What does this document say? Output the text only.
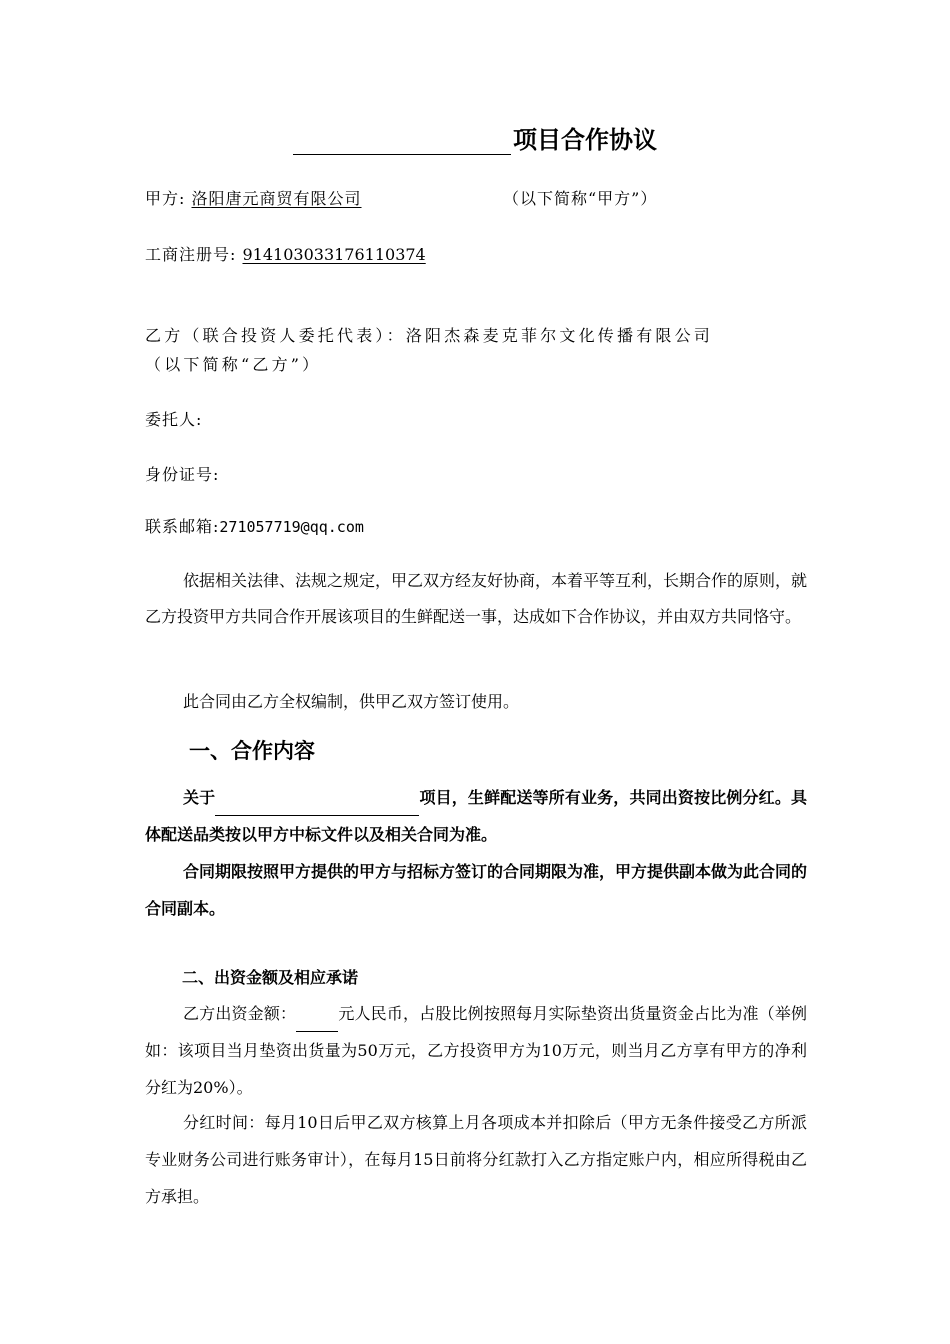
项目合作协议
甲方: 洛阳唐元商贸有限公司	（以下简称“甲方”）
工商注册号: 914103033176110374
乙方（联合投资人委托代表）：洛阳杰森麦克菲尔文化传播有限公司
（以下简称“乙方”）
委托人:
身份证号:
联系邮箱:271057719@qq.com
依据相关法律、法规之规定，甲乙双方经友好协商，本着平等互利，长期合作的原则，就乙方投资甲方共同合作开展该项目的生鲜配送一事，达成如下合作协议，并由双方共同恪守。
此合同由乙方全权编制，供甲乙双方签订使用。
一、合作内容
关于	项目，生鲜配送等所有业务，共同出资按比例分红。具体配送品类按以甲方中标文件以及相关合同为准。
合同期限按照甲方提供的甲方与招标方签订的合同期限为准，甲方提供副本做为此合同的合同副本。
二、出资金额及相应承诺
乙方出资金额：	元人民币，占股比例按照每月实际垫资出货量资金占比为准（举例如：该项目当月垫资出货量为50万元，乙方投资甲方为10万元，则当月乙方享有甲方的净利分红为20%）。
分红时间：每月10日后甲乙双方核算上月各项成本并扣除后（甲方无条件接受乙方所派专业财务公司进行账务审计），在每月15日前将分红款打入乙方指定账户内，相应所得税由乙方承担。
